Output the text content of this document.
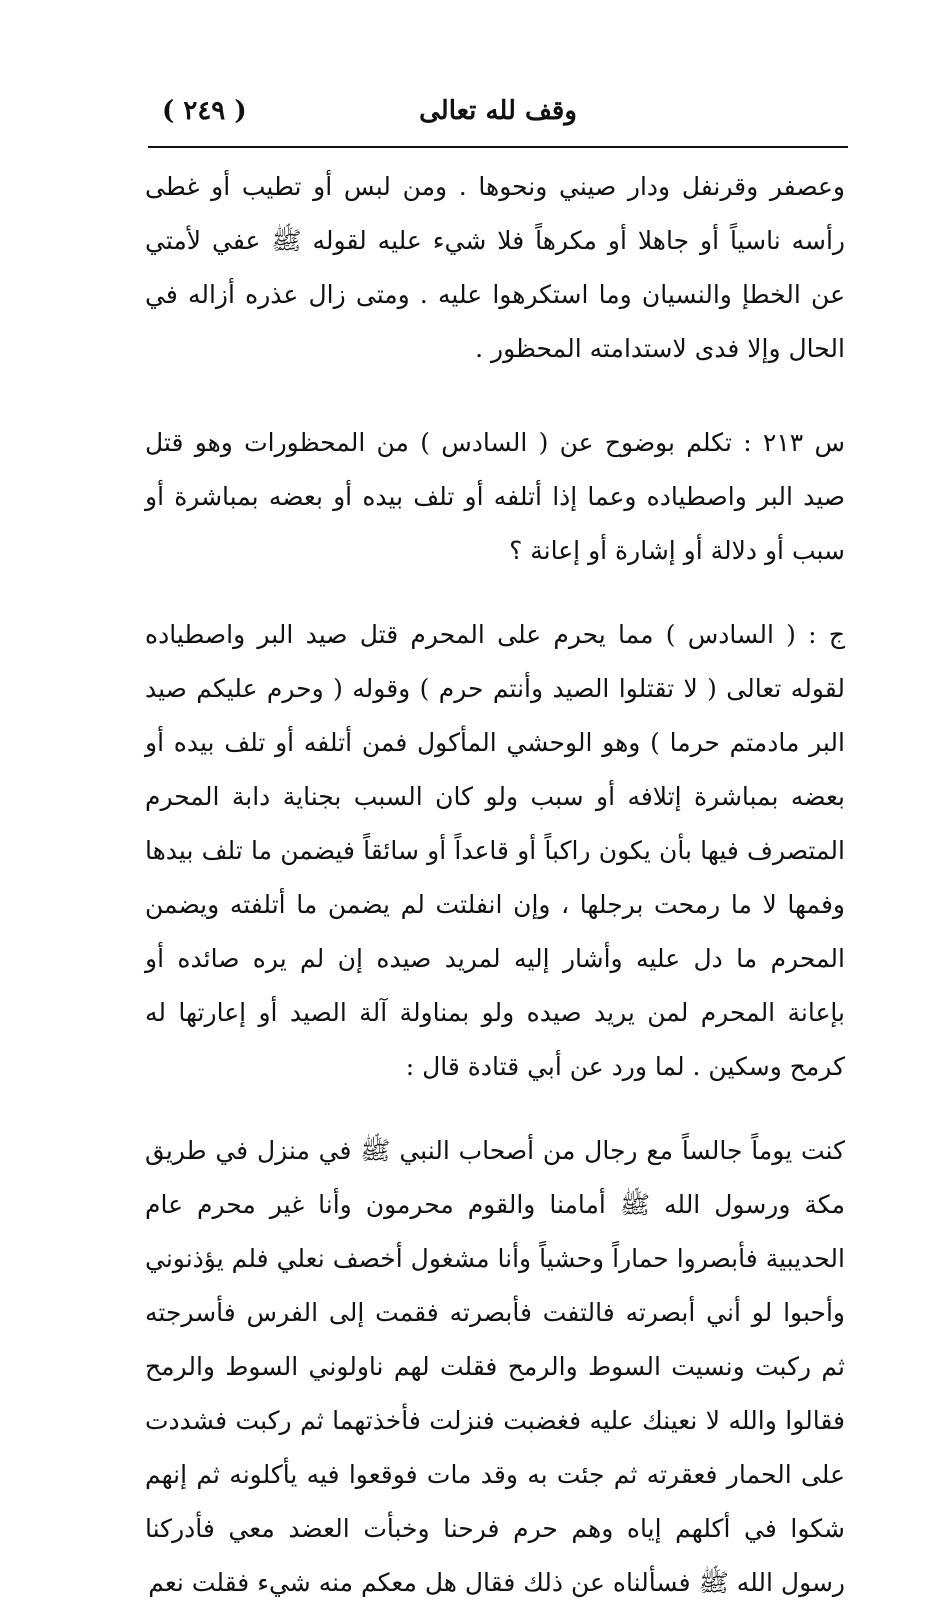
( ٢٤٩ )	وقف لله تعالى

وعصفر وقرنفل ودار صيني ونحوها . ومن لبس أو تطيب أو غطى رأسه ناسياً أو جاهلا أو مكرهاً فلا شيء عليه لقوله ﷺ عفي لأمتي عن الخطإ والنسيان وما استكرهوا عليه . ومتى زال عذره أزاله في الحال وإلا فدى لاستدامته المحظور .

س ٢١٣ : تكلم بوضوح عن ( السادس ) من المحظورات وهو قتل صيد البر واصطياده وعما إذا أتلفه أو تلف بيده أو بعضه بمباشرة أو سبب أو دلالة أو إشارة أو إعانة ؟

ج : ( السادس ) مما يحرم على المحرم قتل صيد البر واصطياده لقوله تعالى ( لا تقتلوا الصيد وأنتم حرم ) وقوله ( وحرم عليكم صيد البر مادمتم حرما ) وهو الوحشي المأكول فمن أتلفه أو تلف بيده أو بعضه بمباشرة إتلافه أو سبب ولو كان السبب بجناية دابة المحرم المتصرف فيها بأن يكون راكباً أو قاعداً أو سائقاً فيضمن ما تلف بيدها وفمها لا ما رمحت برجلها ، وإن انفلتت لم يضمن ما أتلفته ويضمن المحرم ما دل عليه وأشار إليه لمريد صيده إن لم يره صائده أو بإعانة المحرم لمن يريد صيده ولو بمناولة آلة الصيد أو إعارتها له كرمح وسكين . لما ورد عن أبي قتادة قال :

كنت يوماً جالساً مع رجال من أصحاب النبي ﷺ في منزل في طريق مكة ورسول الله ﷺ أمامنا والقوم محرمون وأنا غير محرم عام الحديبية فأبصروا حماراً وحشياً وأنا مشغول أخصف نعلي فلم يؤذنوني وأحبوا لو أني أبصرته فالتفت فأبصرته فقمت إلى الفرس فأسرجته ثم ركبت ونسيت السوط والرمح فقلت لهم ناولوني السوط والرمح فقالوا والله لا نعينك عليه فغضبت فنزلت فأخذتهما ثم ركبت فشددت على الحمار فعقرته ثم جئت به وقد مات فوقعوا فيه يأكلونه ثم إنهم شكوا في أكلهم إياه وهم حرم فرحنا وخبأت العضد معي فأدركنا رسول الله ﷺ فسألناه عن ذلك فقال هل معكم منه شيء فقلت نعم
